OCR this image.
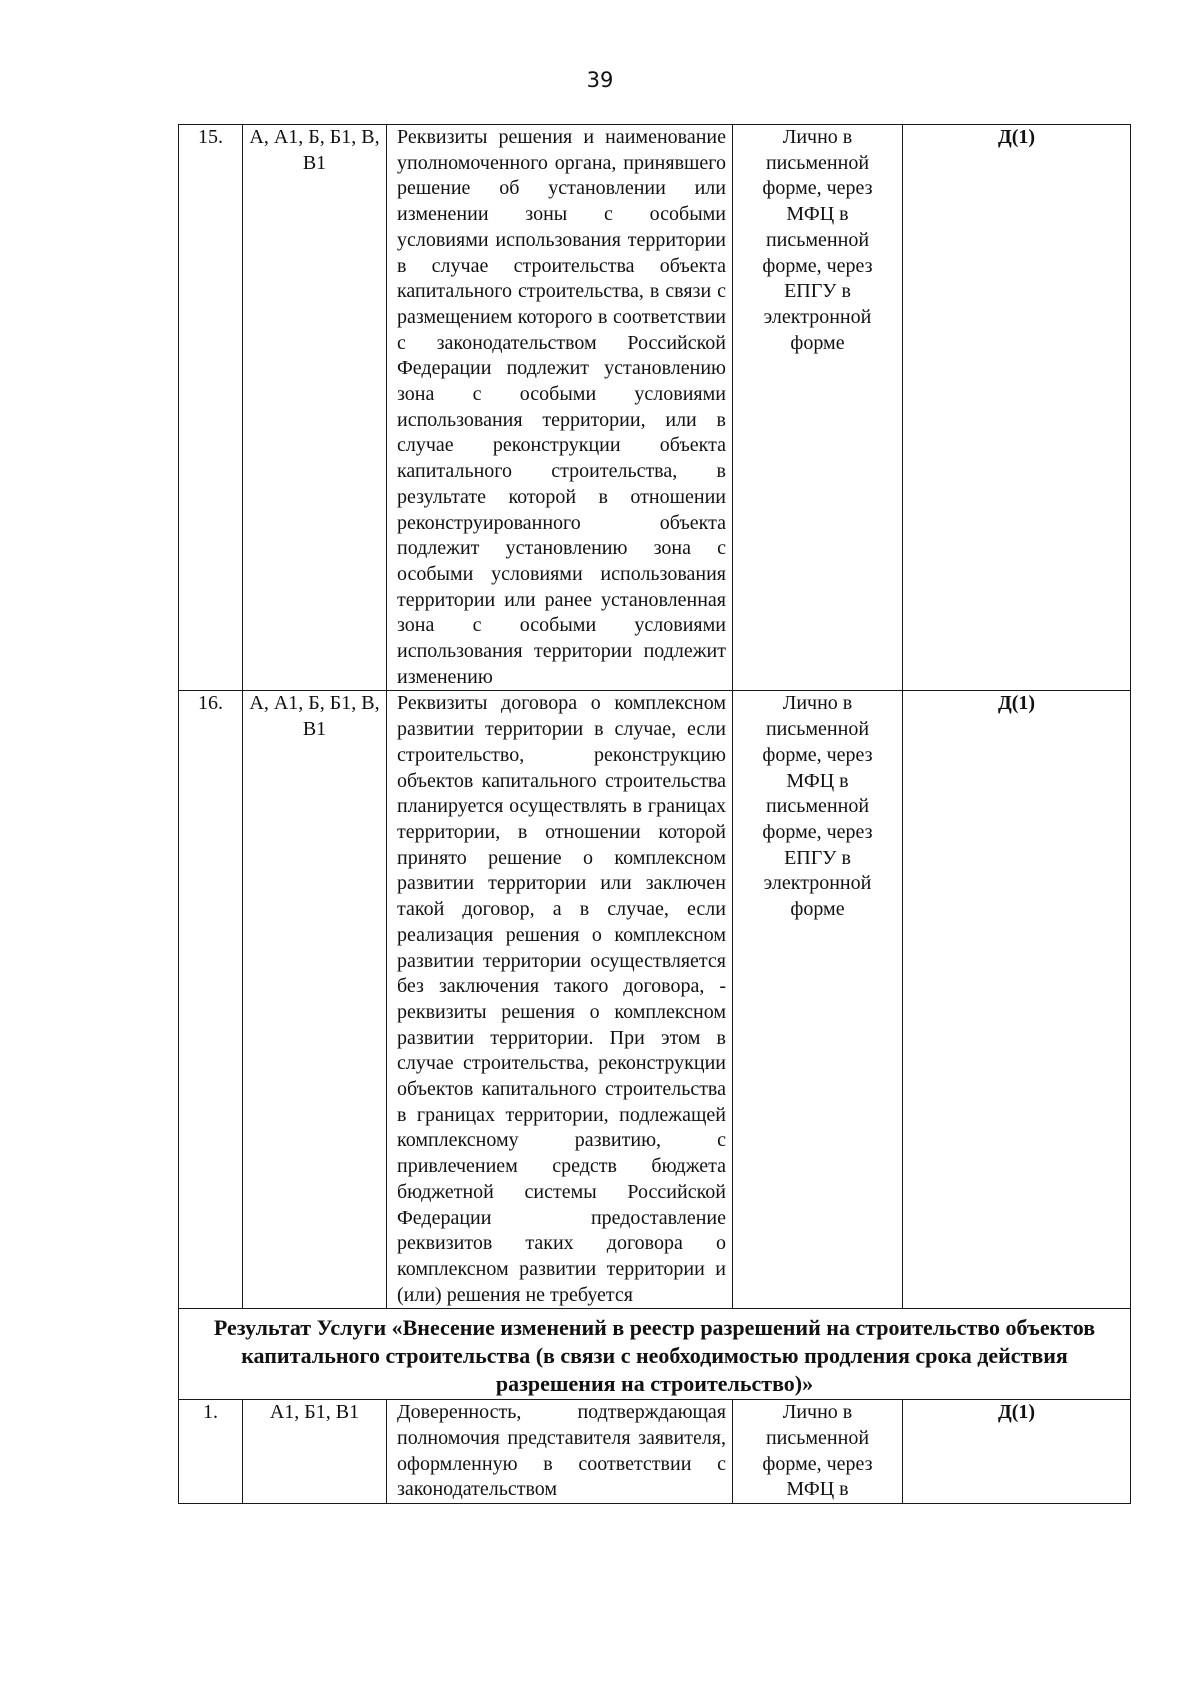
39
15.	А, А1, Б, Б1, В, В1	Реквизиты решения и наименование уполномоченного органа, принявшего решение об установлении или изменении зоны с особыми условиями использования территории в случае строительства объекта капитального строительства, в связи с размещением которого в соответствии с законодательством Российской Федерации подлежит установлению зона с особыми условиями использования территории, или в случае реконструкции объекта капитального строительства, в результате которой в отношении реконструированного объекта подлежит установлению зона с особыми условиями использования территории или ранее установленная зона с особыми условиями использования территории подлежит изменению	Лично в письменной форме, через МФЦ в письменной форме, через ЕПГУ в электронной форме	Д(1)
16.	А, А1, Б, Б1, В, В1	Реквизиты договора о комплексном развитии территории в случае, если строительство, реконструкцию объектов капитального строительства планируется осуществлять в границах территории, в отношении которой принято решение о комплексном развитии территории или заключен такой договор, а в случае, если реализация решения о комплексном развитии территории осуществляется без заключения такого договора, - реквизиты решения о комплексном развитии территории. При этом в случае строительства, реконструкции объектов капитального строительства в границах территории, подлежащей комплексному развитию, с привлечением средств бюджета бюджетной системы Российской Федерации предоставление реквизитов таких договора о комплексном развитии территории и (или) решения не требуется	Лично в письменной форме, через МФЦ в письменной форме, через ЕПГУ в электронной форме	Д(1)
Результат Услуги «Внесение изменений в реестр разрешений на строительство объектов капитального строительства (в связи с необходимостью продления срока действия разрешения на строительство)»				
1.	А1, Б1, В1	Доверенность, подтверждающая полномочия представителя заявителя, оформленную в соответствии с законодательством	Лично в письменной форме, через МФЦ в	Д(1)
